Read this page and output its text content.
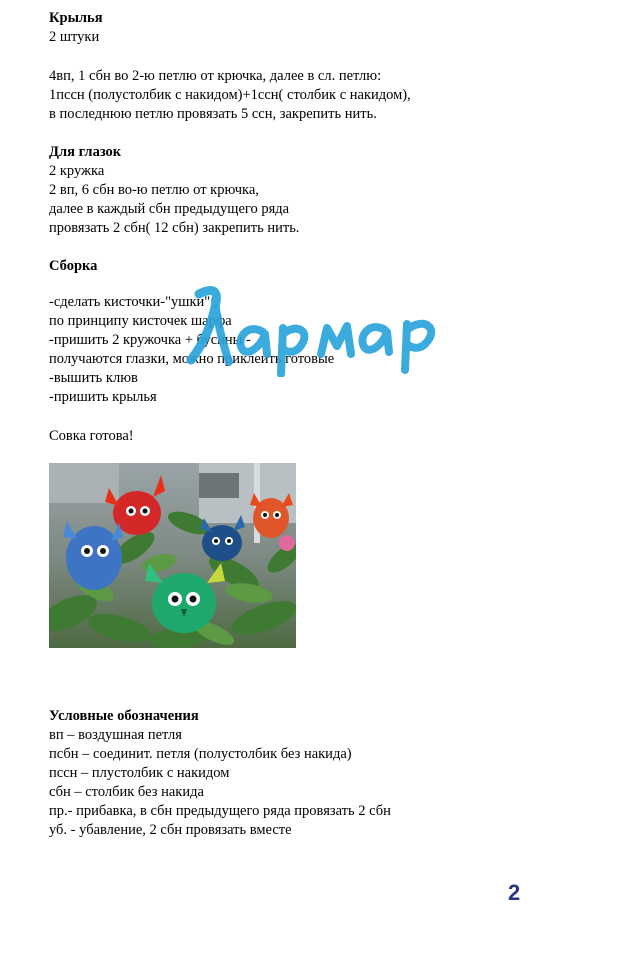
Крылья
2 штуки
4вп, 1 сбн во 2-ю петлю от крючка, далее в сл. петлю:
1пссн (полустолбик с накидом)+1ссн( столбик с накидом),
в последнюю петлю провязать 5 ссн, закрепить нить.
Для глазок
2 кружка
2 вп, 6 сбн во-ю петлю от крючка,
далее в каждый сбн предыдущего ряда
провязать 2 сбн( 12 сбн) закрепить нить.
Сборка
-сделать кисточки-"ушки" ,
по принципу кисточек шарфа
-пришить 2 кружочка + бусины -
получаются глазки, можно приклеить готовые
-вышить клюв
-пришить крылья
Совка готова!
Условные обозначения
вп – воздушная петля
псбн – соединит. петля (полустолбик без накида)
пссн – плустолбик с накидом
сбн – столбик без накида
пр.- прибавка, в сбн предыдущего ряда провязать 2 сбн
уб. - убавление, 2 сбн провязать вместе
2
